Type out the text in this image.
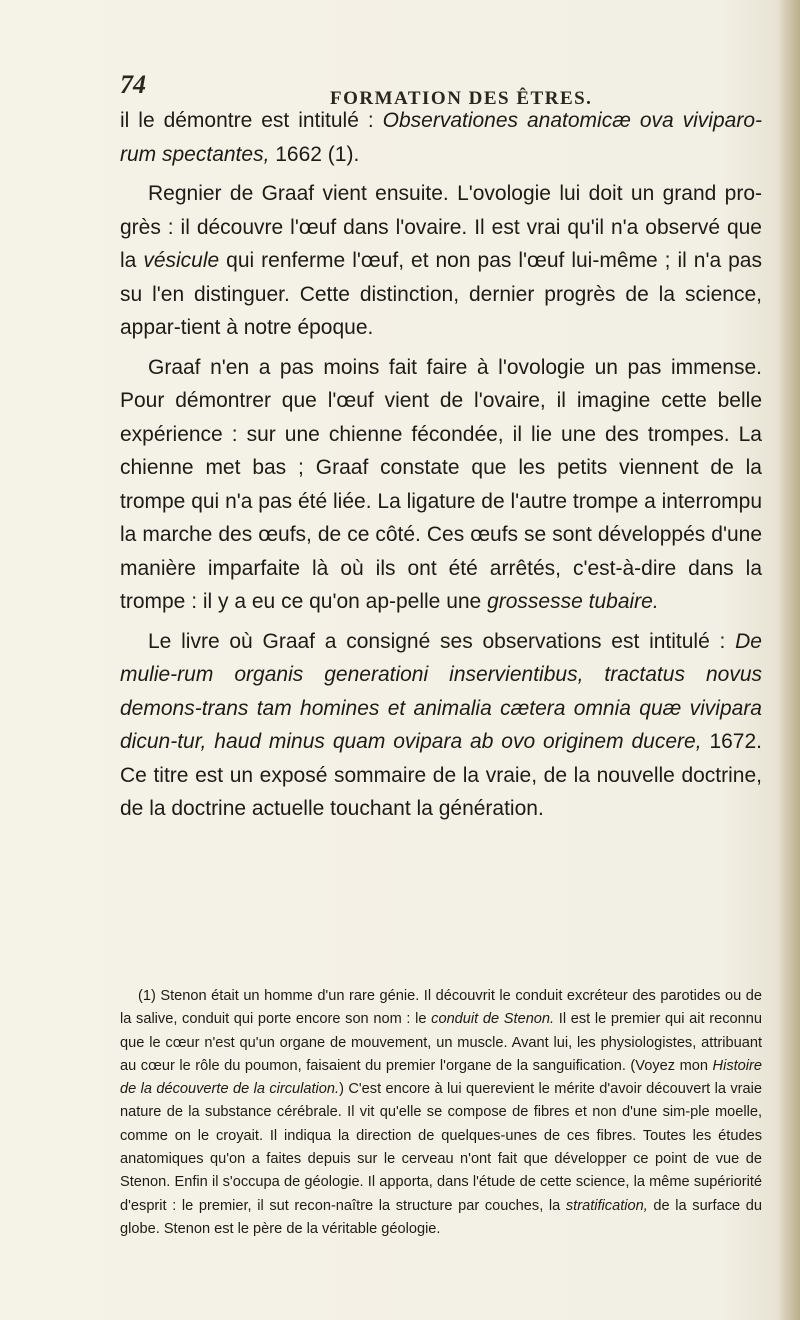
74	FORMATION DES ÊTRES.

il le démontre est intitulé : Observationes anatomicæ ova viviparo-rum spectantes, 1662 (1).

Regnier de Graaf vient ensuite. L'ovologie lui doit un grand pro-grès : il découvre l'œuf dans l'ovaire. Il est vrai qu'il n'a observé que la vésicule qui renferme l'œuf, et non pas l'œuf lui-même ; il n'a pas su l'en distinguer. Cette distinction, dernier progrès de la science, appar-tient à notre époque.

Graaf n'en a pas moins fait faire à l'ovologie un pas immense. Pour démontrer que l'œuf vient de l'ovaire, il imagine cette belle expérience : sur une chienne fécondée, il lie une des trompes. La chienne met bas ; Graaf constate que les petits viennent de la trompe qui n'a pas été liée. La ligature de l'autre trompe a interrompu la marche des œufs, de ce côté. Ces œufs se sont développés d'une manière imparfaite là où ils ont été arrêtés, c'est-à-dire dans la trompe : il y a eu ce qu'on ap-pelle une grossesse tubaire.

Le livre où Graaf a consigné ses observations est intitulé : De mulie-rum organis generationi inservientibus, tractatus novus demons-trans tam homines et animalia cætera omnia quæ vivipara dicun-tur, haud minus quam ovipara ab ovo originem ducere, 1672. Ce titre est un exposé sommaire de la vraie, de la nouvelle doctrine, de la doctrine actuelle touchant la génération.

(1) Stenon était un homme d'un rare génie. Il découvrit le conduit excréteur des parotides ou de la salive, conduit qui porte encore son nom : le conduit de Stenon. Il est le premier qui ait reconnu que le cœur n'est qu'un organe de mouvement, un muscle. Avant lui, les physiologistes, attribuant au cœur le rôle du poumon, faisaient du premier l'organe de la sanguification. (Voyez mon Histoire de la découverte de la circulation.) C'est encore à lui querevient le mérite d'avoir découvert la vraie nature de la substance cérébrale. Il vit qu'elle se compose de fibres et non d'une sim-ple moelle, comme on le croyait. Il indiqua la direction de quelques-unes de ces fibres. Toutes les études anatomiques qu'on a faites depuis sur le cerveau n'ont fait que développer ce point de vue de Stenon. Enfin il s'occupa de géologie. Il apporta, dans l'étude de cette science, la même supériorité d'esprit : le premier, il sut recon-naître la structure par couches, la stratification, de la surface du globe. Stenon est le père de la véritable géologie.
